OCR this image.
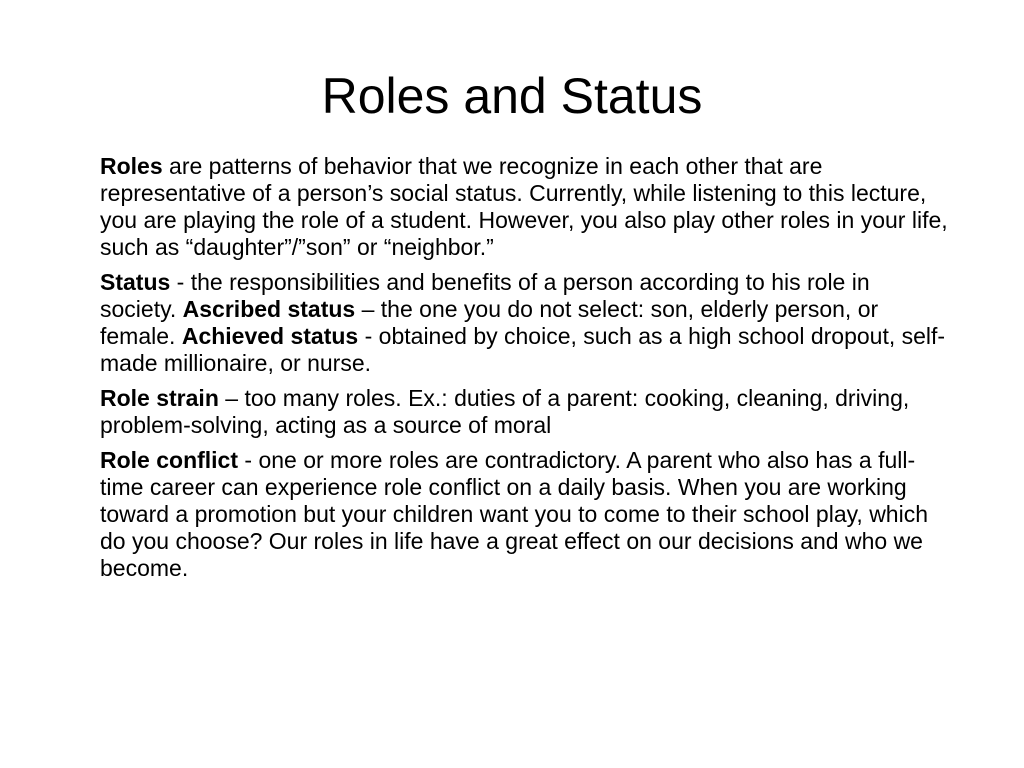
Roles and Status

Roles are patterns of behavior that we recognize in each other that are representative of a person’s social status. Currently, while listening to this lecture, you are playing the role of a student. However, you also play other roles in your life, such as “daughter”/”son” or “neighbor.”

Status - the responsibilities and benefits of a person according to his role in society. Ascribed status – the one you do not select: son, elderly person, or female. Achieved status - obtained by choice, such as a high school dropout, self-made millionaire, or nurse.

Role strain – too many roles. Ex.: duties of a parent: cooking, cleaning, driving, problem-solving, acting as a source of moral

Role conflict - one or more roles are contradictory. A parent who also has a full-time career can experience role conflict on a daily basis. When you are working toward a promotion but your children want you to come to their school play, which do you choose? Our roles in life have a great effect on our decisions and who we become.
